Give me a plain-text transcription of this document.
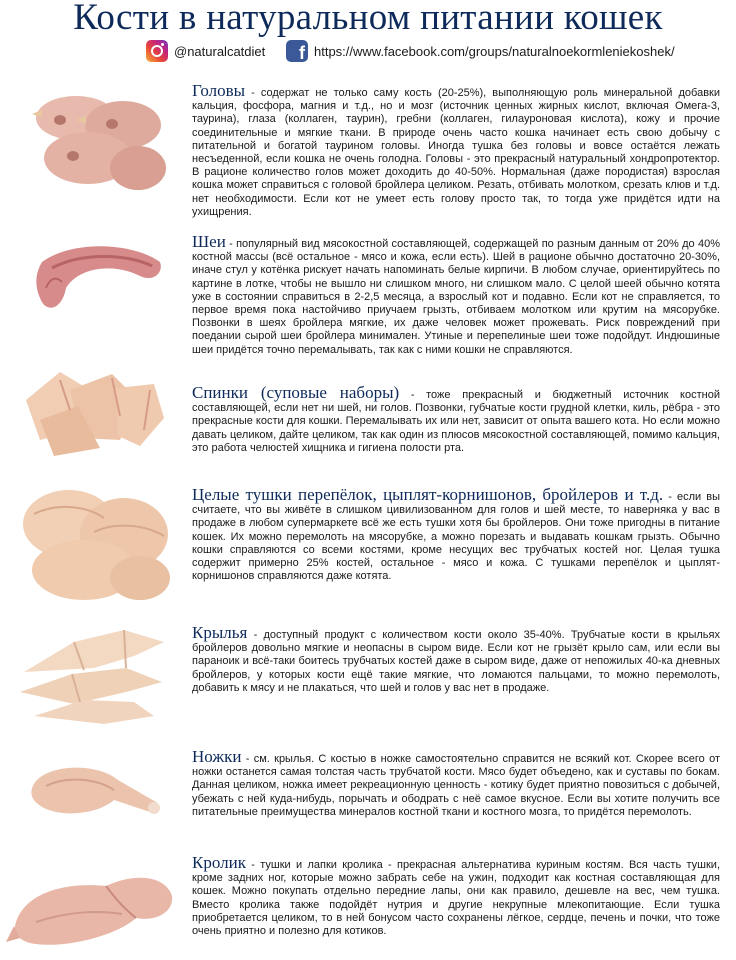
Кости в натуральном питании кошек
@naturalcatdiet	f https://www.facebook.com/groups/naturalnoekormleniekoshek/

Головы - содержат не только саму кость (20-25%), выполняющую роль минеральной добавки кальция, фосфора, магния и т.д., но и мозг (источник ценных жирных кислот, включая Омега-3, таурина), глаза (коллаген, таурин), гребни (коллаген, гилауроновая кислота), кожу и прочие соединительные и мягкие ткани. В природе очень часто кошка начинает есть свою добычу с питательной и богатой таурином головы. Иногда тушка без головы и вовсе остаётся лежать несъеденной, если кошка не очень голодна. Головы - это прекрасный натуральный хондропротектор. В рационе количество голов может доходить до 40-50%. Нормальная (даже породистая) взрослая кошка может справиться с головой бройлера целиком. Резать, отбивать молотком, срезать клюв и т.д. нет необходимости. Если кот не умеет есть голову просто так, то тогда уже придётся идти на ухищрения.

Шеи - популярный вид мясокостной составляющей, содержащей по разным данным от 20% до 40% костной массы (всё остальное - мясо и кожа, если есть). Шей в рационе обычно достаточно 20-30%, иначе стул у котёнка рискует начать напоминать белые кирпичи. В любом случае, ориентируйтесь по картине в лотке, чтобы не вышло ни слишком много, ни слишком мало. С целой шеей обычно котята уже в состоянии справиться в 2-2,5 месяца, а взрослый кот и подавно. Если кот не справляется, то первое время пока настойчиво приучаем грызть, отбиваем молотком или крутим на мясорубке. Позвонки в шеях бройлера мягкие, их даже человек может прожевать. Риск повреждений при поедании сырой шеи бройлера минимален. Утиные и перепелиные шеи тоже подойдут. Индюшиные шеи придётся точно перемалывать, так как с ними кошки не справляются.

Спинки (суповые наборы) - тоже прекрасный и бюджетный источник костной составляющей, если нет ни шей, ни голов. Позвонки, губчатые кости грудной клетки, киль, рёбра - это прекрасные кости для кошки. Перемалывать их или нет, зависит от опыта вашего кота. Но если можно давать целиком, дайте целиком, так как один из плюсов мясокостной составляющей, помимо кальция, это работа челюстей хищника и гигиена полости рта.

Целые тушки перепёлок, цыплят-корнишонов, бройлеров и т.д. - если вы считаете, что вы живёте в слишком цивилизованном для голов и шей месте, то наверняка у вас в продаже в любом супермаркете всё же есть тушки хотя бы бройлеров. Они тоже пригодны в питание кошек. Их можно перемолоть на мясорубке, а можно порезать и выдавать кошкам грызть. Обычно кошки справляются со всеми костями, кроме несущих вес трубчатых костей ног. Целая тушка содержит примерно 25% костей, остальное - мясо и кожа. С тушками перепёлок и цыплят-корнишонов справляются даже котята.

Крылья - доступный продукт с количеством кости около 35-40%. Трубчатые кости в крыльях бройлеров довольно мягкие и неопасны в сыром виде. Если кот не грызёт крыло сам, или если вы параноик и всё-таки боитесь трубчатых костей даже в сыром виде, даже от непожилых 40-ка дневных бройлеров, у которых кости ещё такие мягкие, что ломаются пальцами, то можно перемолоть, добавить к мясу и не плакаться, что шей и голов у вас нет в продаже.

Ножки - см. крылья. С костью в ножке самостоятельно справится не всякий кот. Скорее всего от ножки останется самая толстая часть трубчатой кости. Мясо будет объедено, как и суставы по бокам. Данная целиком, ножка имеет рекреационную ценность - котику будет приятно повозиться с добычей, убежать с ней куда-нибудь, порычать и ободрать с неё самое вкусное. Если вы хотите получить все питательные преимущества минералов костной ткани и костного мозга, то придётся перемолоть.

Кролик - тушки и лапки кролика - прекрасная альтернатива куриным костям. Вся часть тушки, кроме задних ног, которые можно забрать себе на ужин, подходит как костная составляющая для кошек. Можно покупать отдельно передние лапы, они как правило, дешевле на вес, чем тушка. Вместо кролика также подойдёт нутрия и другие некрупные млекопитающие. Если тушка приобретается целиком, то в ней бонусом часто сохранены лёгкое, сердце, печень и почки, что тоже очень приятно и полезно для котиков.
